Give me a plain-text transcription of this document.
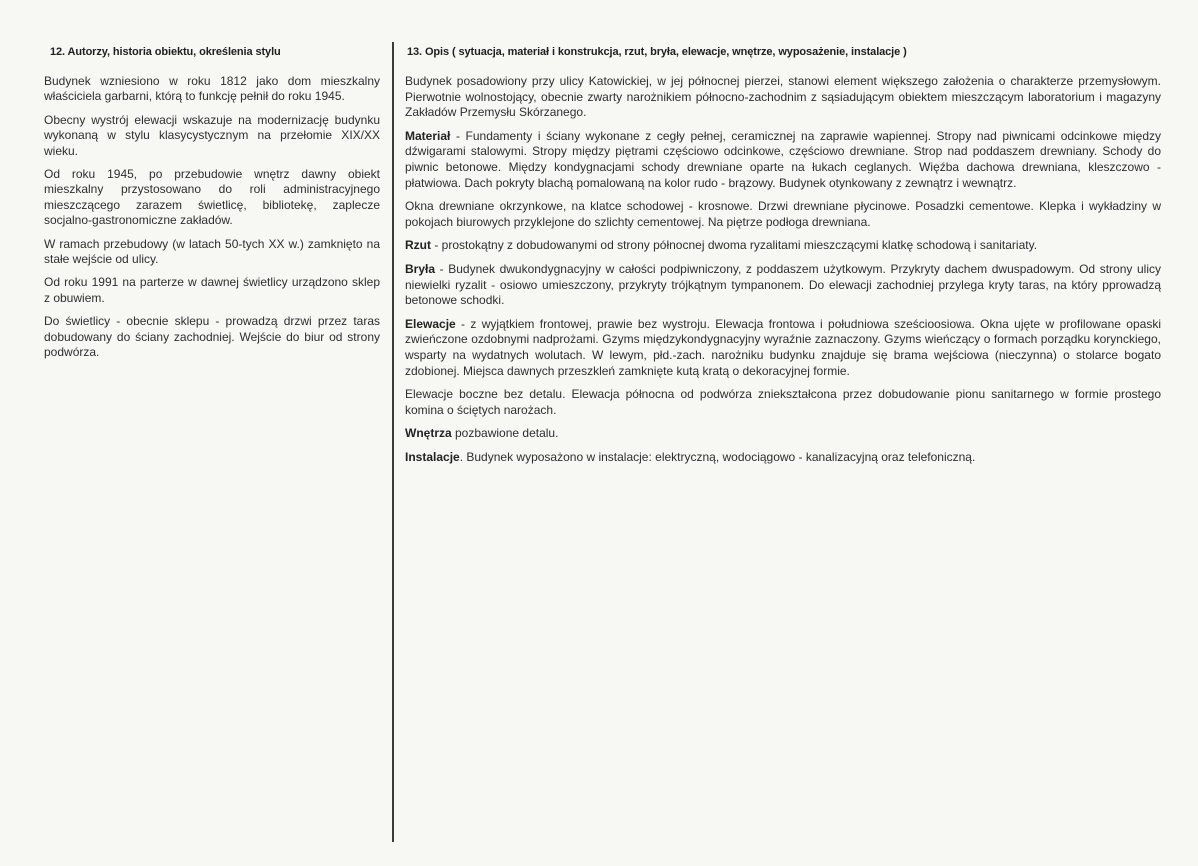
12. Autorzy, historia obiektu, określenia stylu

Budynek wzniesiono w roku 1812 jako dom mieszkalny właściciela garbarni, którą to funkcję pełnił do roku 1945.

Obecny wystrój elewacji wskazuje na modernizację budynku wykonaną w stylu klasycystycznym na przełomie XIX/XX wieku.

Od roku 1945, po przebudowie wnętrz dawny obiekt mieszkalny przystosowano do roli administracyjnego mieszczącego zarazem świetlicę, bibliotekę, zaplecze socjalno-gastronomiczne zakładów.

W ramach przebudowy (w latach 50-tych XX w.) zamknięto na stałe wejście od ulicy.

Od roku 1991 na parterze w dawnej świetlicy urządzono sklep z obuwiem.

Do świetlicy - obecnie sklepu - prowadzą drzwi przez taras dobudowany do ściany zachodniej. Wejście do biur od strony podwórza.

13. Opis ( sytuacja, materiał i konstrukcja, rzut, bryła, elewacje, wnętrze, wyposażenie, instalacje )

Budynek posadowiony przy ulicy Katowickiej, w jej północnej pierzei, stanowi element większego założenia o charakterze przemysłowym. Pierwotnie wolnostojący, obecnie zwarty narożnikiem północno-zachodnim z sąsiadującym obiektem mieszczącym laboratorium i magazyny Zakładów Przemysłu Skórzanego.

Materiał - Fundamenty i ściany wykonane z cegły pełnej, ceramicznej na zaprawie wapiennej. Stropy nad piwnicami odcinkowe między dźwigarami stalowymi. Stropy między piętrami częściowo odcinkowe, częściowo drewniane. Strop nad poddaszem drewniany. Schody do piwnic betonowe. Między kondygnacjami schody drewniane oparte na łukach ceglanych. Więźba dachowa drewniana, kleszczowo - płatwiowa. Dach pokryty blachą pomalowaną na kolor rudo - brązowy. Budynek otynkowany z zewnątrz i wewnątrz.

Okna drewniane okrzynkowe, na klatce schodowej - krosnowe. Drzwi drewniane płycinowe. Posadzki cementowe. Klepka i wykładziny w pokojach biurowych przyklejone do szlichty cementowej. Na piętrze podłoga drewniana.

Rzut - prostokątny z dobudowanymi od strony północnej dwoma ryzalitami mieszczącymi klatkę schodową i sanitariaty.

Bryła - Budynek dwukondygnacyjny w całości podpiwniczony, z poddaszem użytkowym. Przykryty dachem dwuspadowym. Od strony ulicy niewielki ryzalit - osiowo umieszczony, przykryty trójkątnym tympanonem. Do elewacji zachodniej przylega kryty taras, na który pprowadzą betonowe schodki.

Elewacje - z wyjątkiem frontowej, prawie bez wystroju. Elewacja frontowa i południowa sześcioosiowa. Okna ujęte w profilowane opaski zwieńczone ozdobnymi nadprożami. Gzyms międzykondygnacyjny wyraźnie zaznaczony. Gzyms wieńczący o formach porządku korynckiego, wsparty na wydatnych wolutach. W lewym, płd.-zach. narożniku budynku znajduje się brama wejściowa (nieczynna) o stolarce bogato zdobionej. Miejsca dawnych przeszkleń zamknięte kutą kratą o dekoracyjnej formie.

Elewacje boczne bez detalu. Elewacja północna od podwórza zniekształcona przez dobudowanie pionu sanitarnego w formie prostego komina o ściętych narożach.

Wnętrza pozbawione detalu.

Instalacje. Budynek wyposażono w instalacje: elektryczną, wodociągowo - kanalizacyjną oraz telefoniczną.
